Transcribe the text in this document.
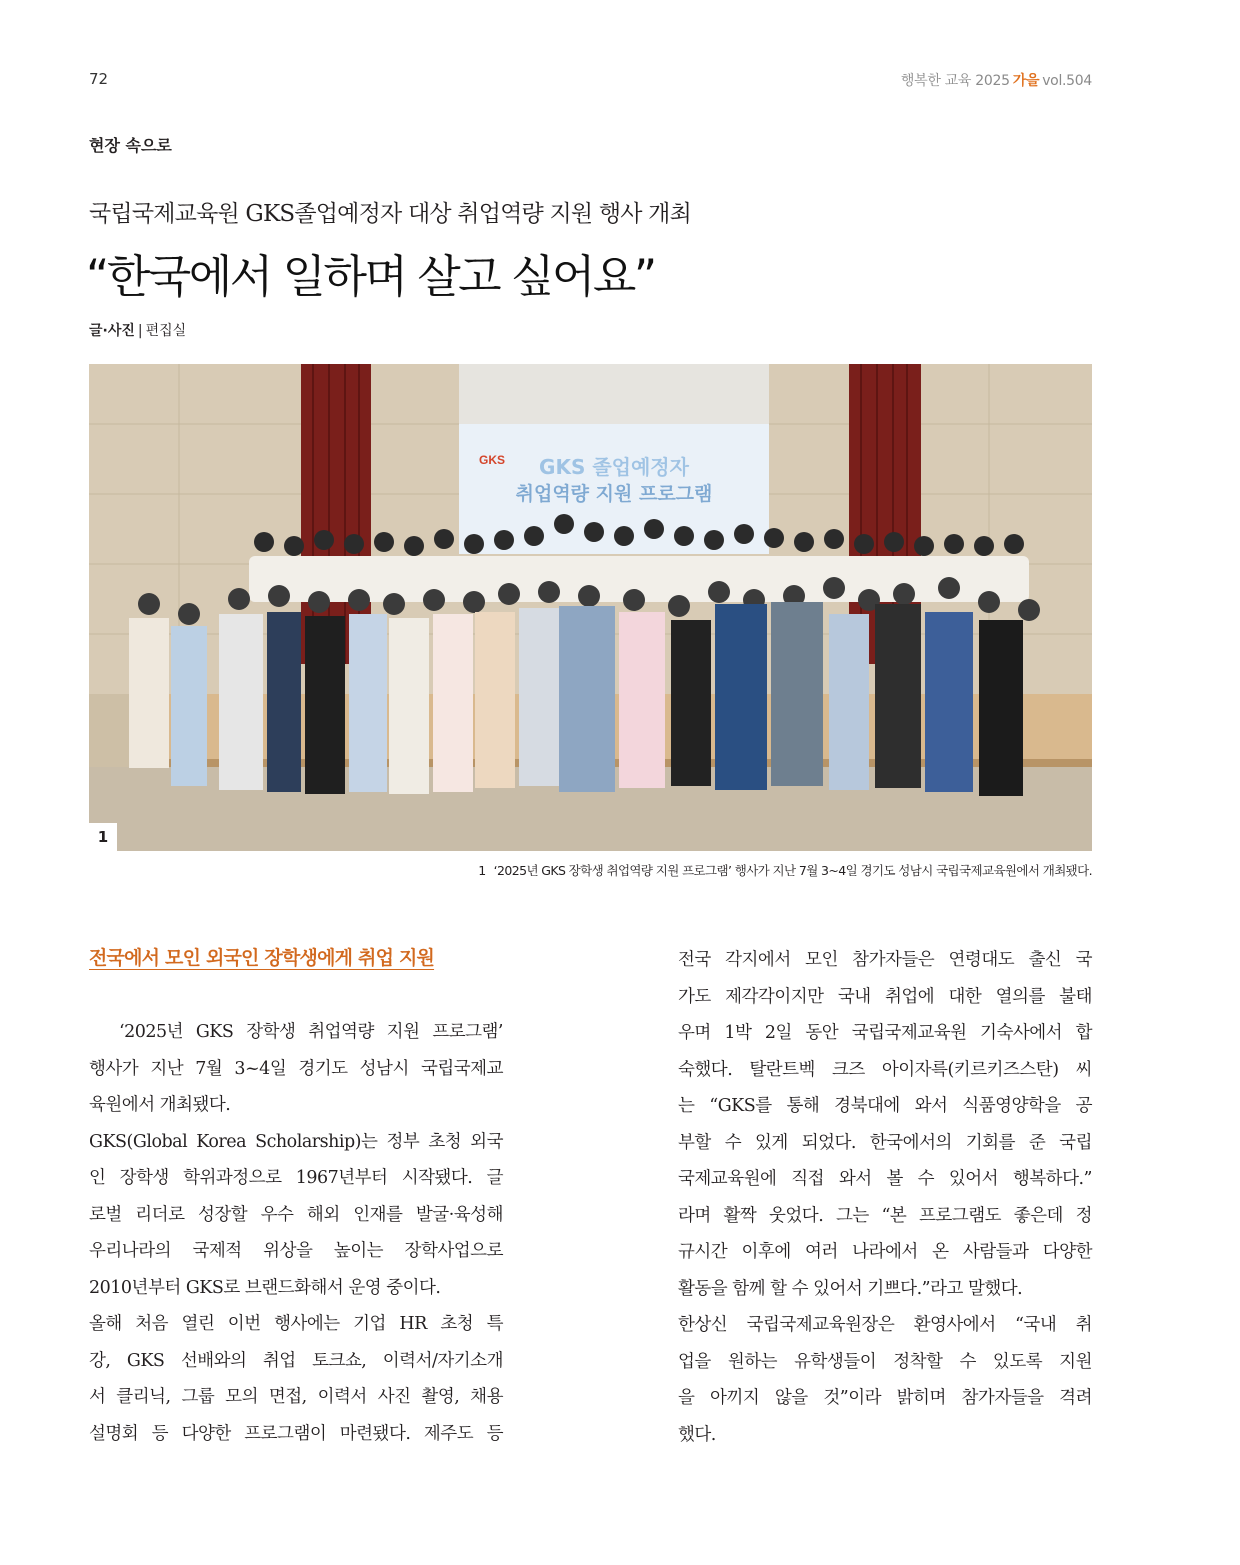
72	행복한 교육 2025 가을 vol.504
현장 속으로
국립국제교육원 GKS졸업예정자 대상 취업역량 지원 행사 개최
“한국에서 일하며 살고 싶어요”
글·사진 | 편집실
GKS GKS 졸업예정자
취업역량 지원 프로그램
1
1 ‘2025년 GKS 장학생 취업역량 지원 프로그램’ 행사가 지난 7월 3~4일 경기도 성남시 국립국제교육원에서 개최됐다.
전국에서 모인 외국인 장학생에게 취업 지원
‘2025년 GKS 장학생 취업역량 지원 프로그램’
행사가 지난 7월 3~4일 경기도 성남시 국립국제교
육원에서 개최됐다.
GKS(Global Korea Scholarship)는 정부 초청 외국
인 장학생 학위과정으로 1967년부터 시작됐다. 글
로벌 리더로 성장할 우수 해외 인재를 발굴·육성해
우리나라의 국제적 위상을 높이는 장학사업으로
2010년부터 GKS로 브랜드화해서 운영 중이다.
올해 처음 열린 이번 행사에는 기업 HR 초청 특
강, GKS 선배와의 취업 토크쇼, 이력서/자기소개
서 클리닉, 그룹 모의 면접, 이력서 사진 촬영, 채용
설명회 등 다양한 프로그램이 마련됐다. 제주도 등
전국 각지에서 모인 참가자들은 연령대도 출신 국
가도 제각각이지만 국내 취업에 대한 열의를 불태
우며 1박 2일 동안 국립국제교육원 기숙사에서 합
숙했다. 탈란트벡 크즈 아이자륵(키르키즈스탄) 씨
는 “GKS를 통해 경북대에 와서 식품영양학을 공
부할 수 있게 되었다. 한국에서의 기회를 준 국립
국제교육원에 직접 와서 볼 수 있어서 행복하다.”
라며 활짝 웃었다. 그는 “본 프로그램도 좋은데 정
규시간 이후에 여러 나라에서 온 사람들과 다양한
활동을 함께 할 수 있어서 기쁘다.”라고 말했다.
한상신 국립국제교육원장은 환영사에서 “국내 취
업을 원하는 유학생들이 정착할 수 있도록 지원
을 아끼지 않을 것”이라 밝히며 참가자들을 격려
했다.
